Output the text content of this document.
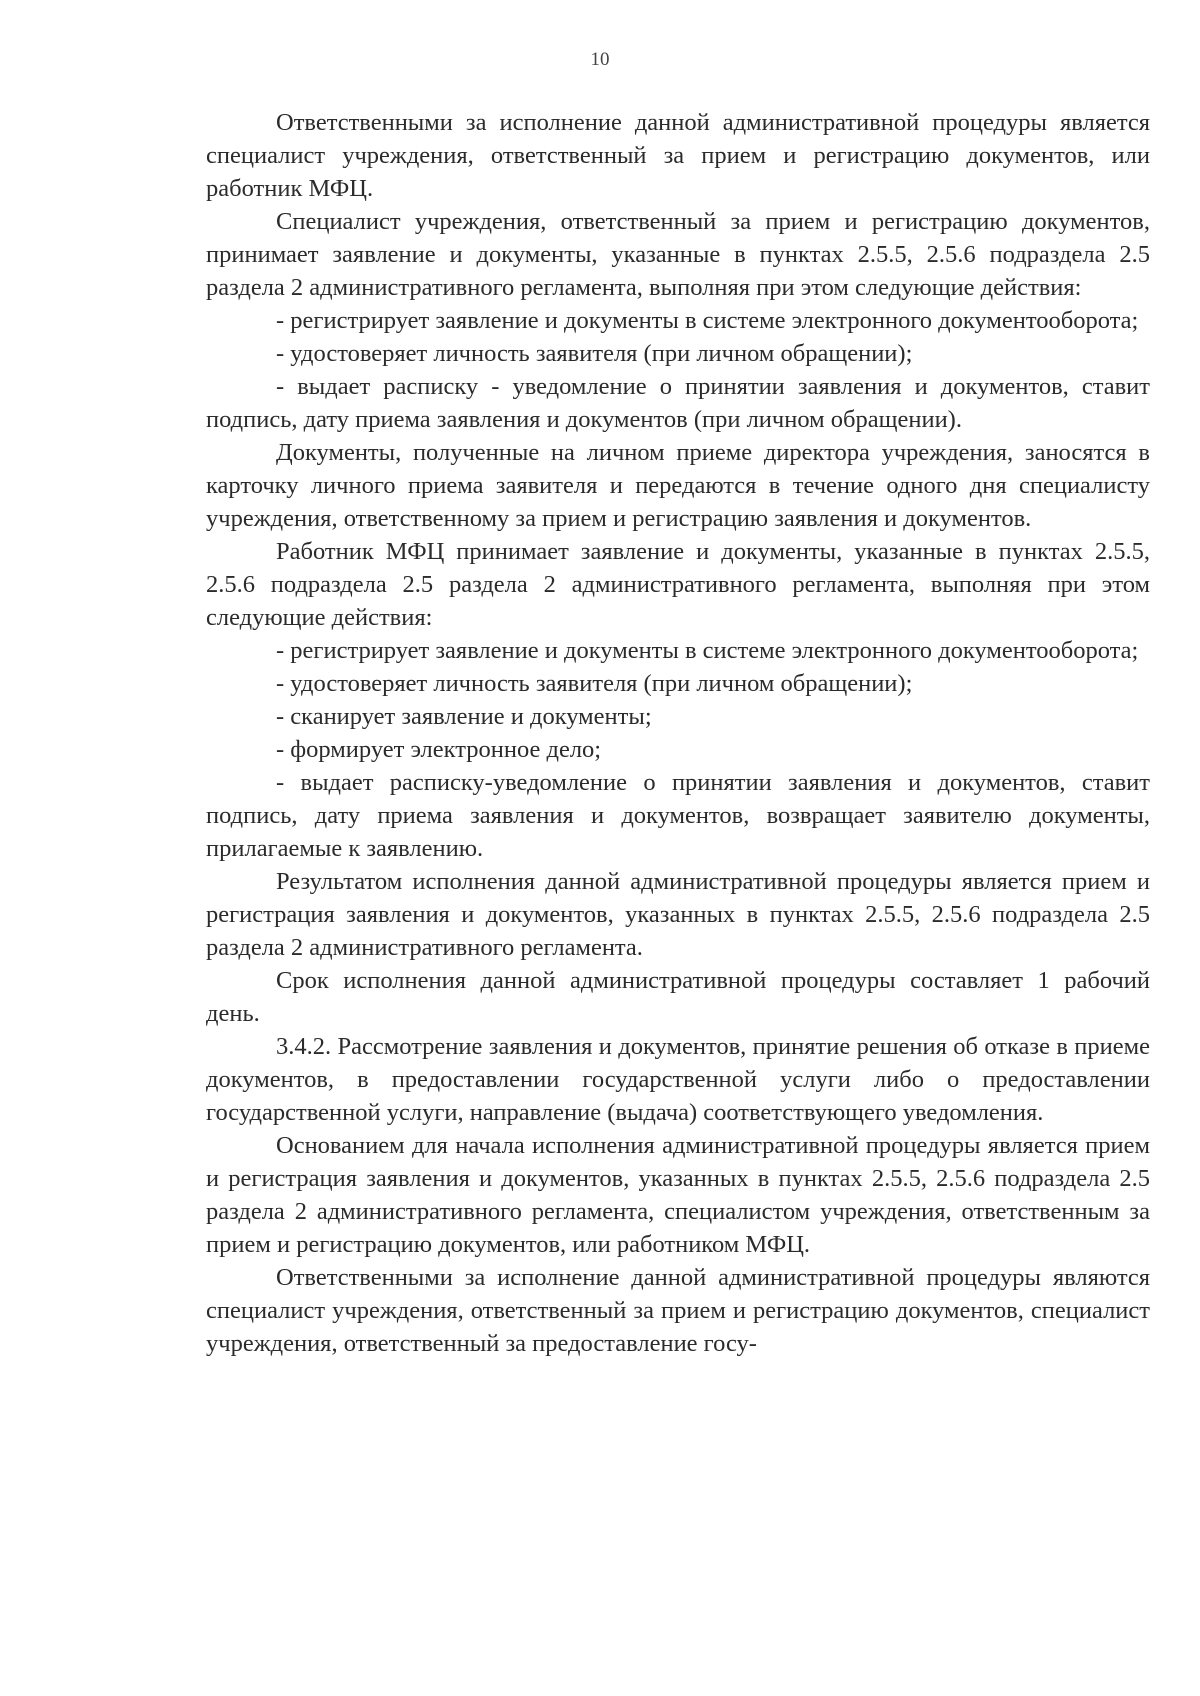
10

Ответственными за исполнение данной административной процедуры является специалист учреждения, ответственный за прием и регистрацию документов, или работник МФЦ.

Специалист учреждения, ответственный за прием и регистрацию документов, принимает заявление и документы, указанные в пунктах 2.5.5, 2.5.6 подраздела 2.5 раздела 2 административного регламента, выполняя при этом следующие действия:

- регистрирует заявление и документы в системе электронного документооборота;

- удостоверяет личность заявителя (при личном обращении);

- выдает расписку - уведомление о принятии заявления и документов, ставит подпись, дату приема заявления и документов (при личном обращении).

Документы, полученные на личном приеме директора учреждения, заносятся в карточку личного приема заявителя и передаются в течение одного дня специалисту учреждения, ответственному за прием и регистрацию заявления и документов.

Работник МФЦ принимает заявление и документы, указанные в пунктах 2.5.5, 2.5.6 подраздела 2.5 раздела 2 административного регламента, выполняя при этом следующие действия:

- регистрирует заявление и документы в системе электронного документооборота;

- удостоверяет личность заявителя (при личном обращении);

- сканирует заявление и документы;

- формирует электронное дело;

- выдает расписку-уведомление о принятии заявления и документов, ставит подпись, дату приема заявления и документов, возвращает заявителю документы, прилагаемые к заявлению.

Результатом исполнения данной административной процедуры является прием и регистрация заявления и документов, указанных в пунктах 2.5.5, 2.5.6 подраздела 2.5 раздела 2 административного регламента.

Срок исполнения данной административной процедуры составляет 1 рабочий день.

3.4.2. Рассмотрение заявления и документов, принятие решения об отказе в приеме документов, в предоставлении государственной услуги либо о предоставлении государственной услуги, направление (выдача) соответствующего уведомления.

Основанием для начала исполнения административной процедуры является прием и регистрация заявления и документов, указанных в пунктах 2.5.5, 2.5.6 подраздела 2.5 раздела 2 административного регламента, специалистом учреждения, ответственным за прием и регистрацию документов, или работником МФЦ.

Ответственными за исполнение данной административной процедуры являются специалист учреждения, ответственный за прием и регистрацию документов, специалист учреждения, ответственный за предоставление госу-
